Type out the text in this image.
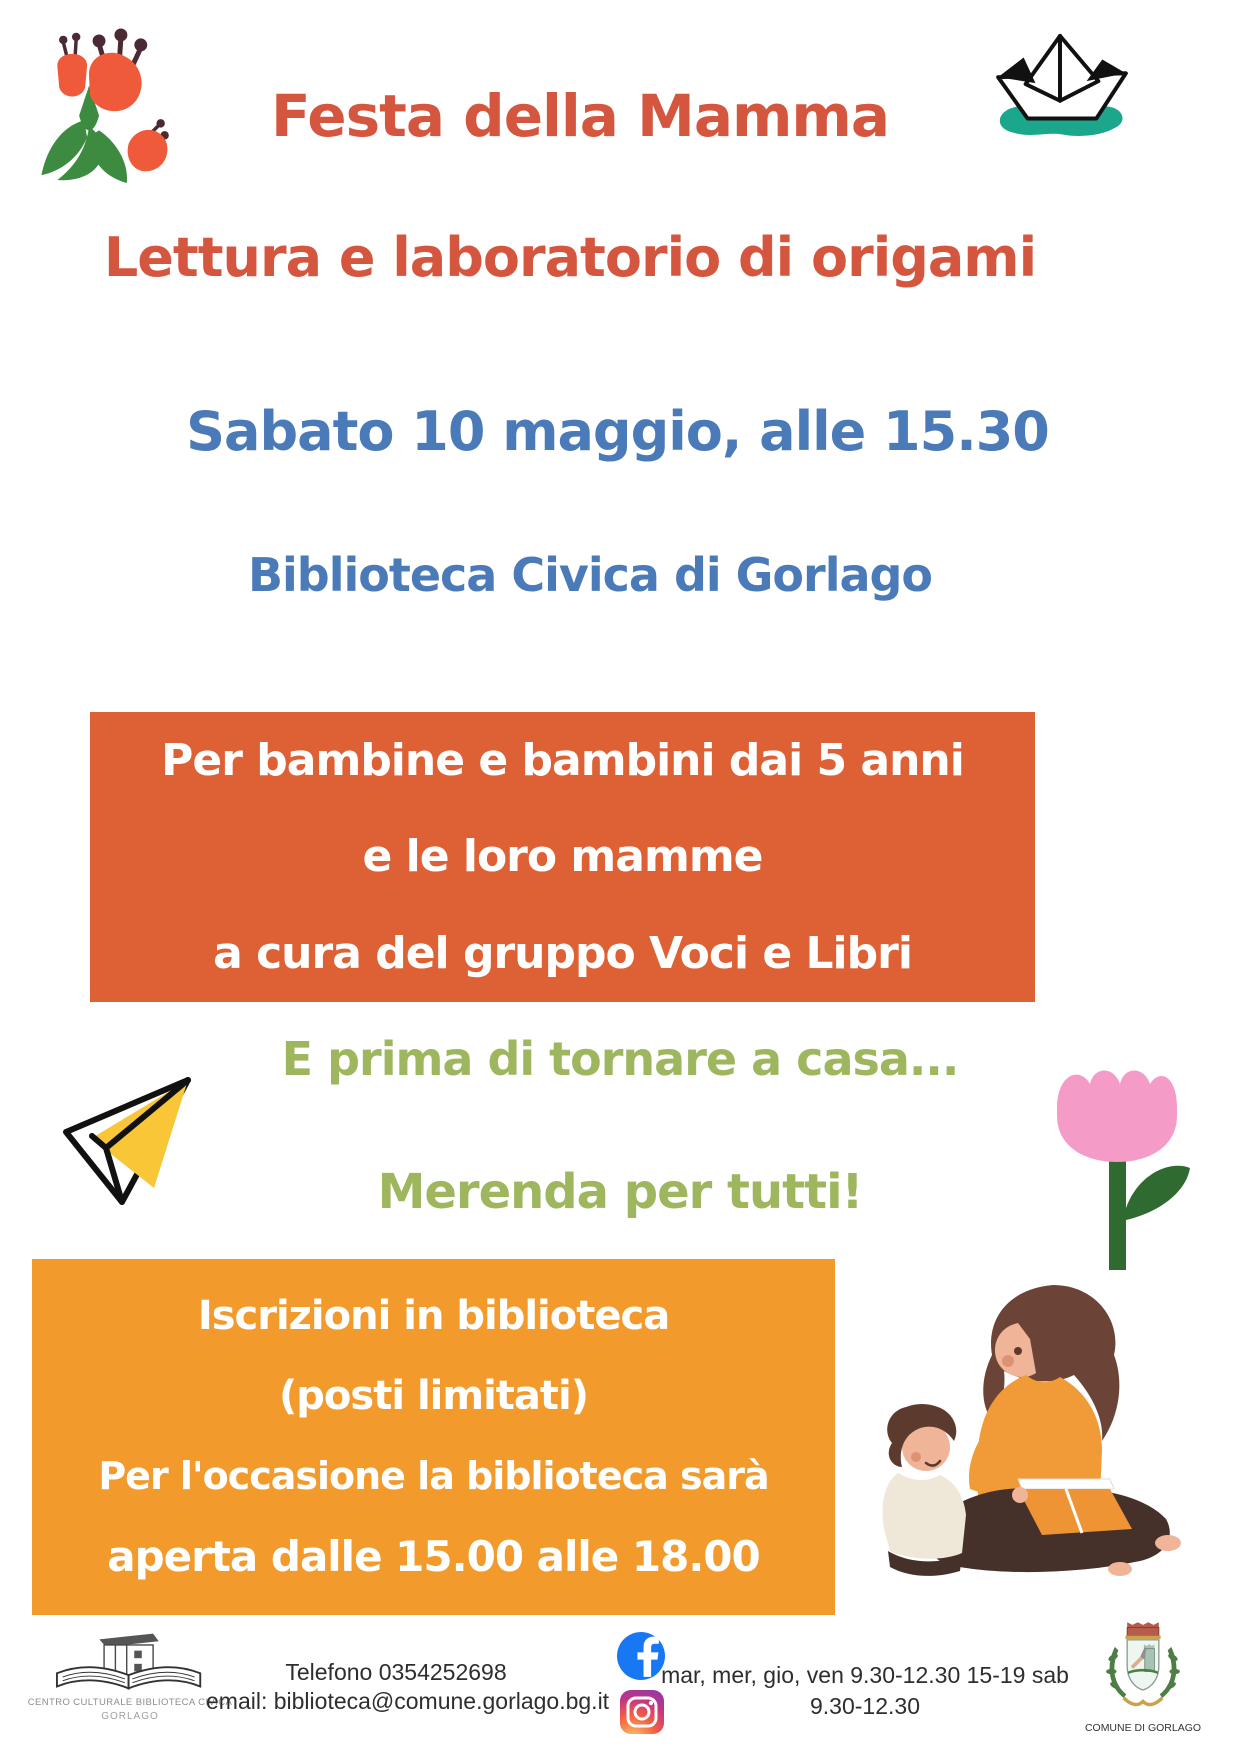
Festa della Mamma
Lettura e laboratorio di origami
Sabato 10 maggio, alle 15.30
Biblioteca Civica di Gorlago
Per bambine e bambini dai 5 anni
e le loro mamme
a cura del gruppo Voci e Libri
E prima di tornare a casa...
Merenda per tutti!
Iscrizioni in biblioteca
(posti limitati)
Per l'occasione la biblioteca sarà
aperta dalle 15.00 alle 18.00
CENTRO CULTURALE BIBLIOTECA CIVICA
GORLAGO
Telefono 0354252698
email: biblioteca@comune.gorlago.bg.it
mar, mer, gio, ven 9.30-12.30 15-19 sab
9.30-12.30
COMUNE DI GORLAGO
